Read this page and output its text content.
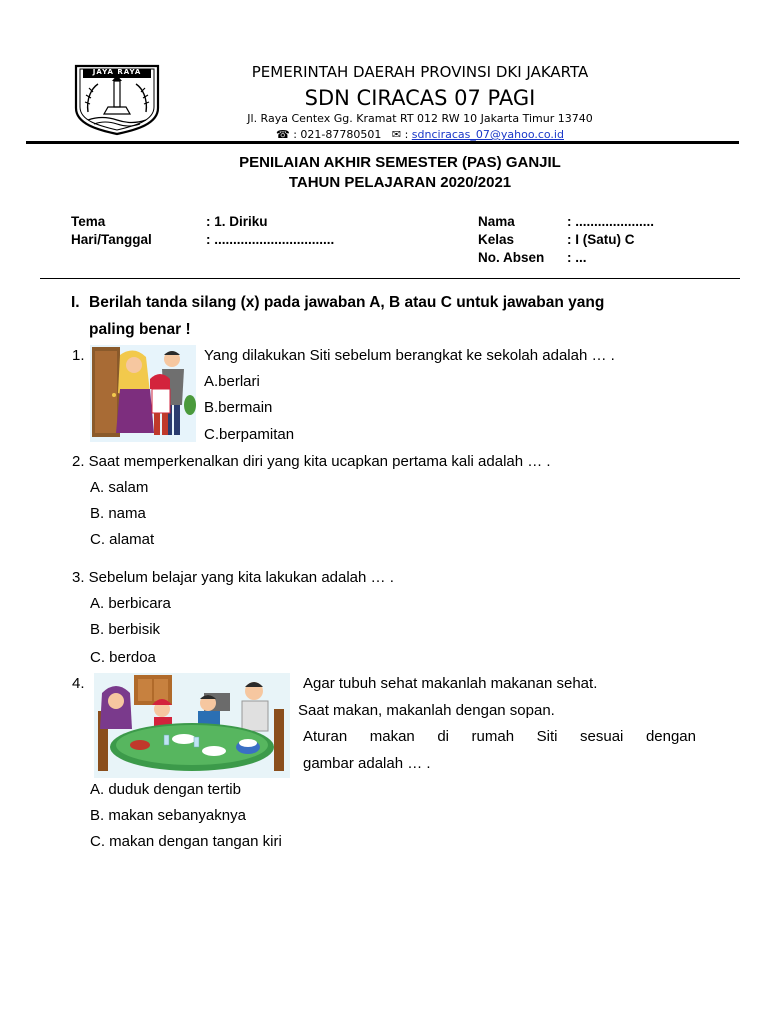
JAYA RAYA	PEMERINTAH DAERAH PROVINSI DKI JAKARTA
SDN CIRACAS 07 PAGI
Jl. Raya Centex Gg. Kramat RT 012 RW 10 Jakarta Timur 13740
☎ : 021-87780501 ✉ : sdnciracas_07@yahoo.co.id
PENILAIAN AKHIR SEMESTER (PAS) GANJIL
TAHUN PELAJARAN 2020/2021
Tema	: 1. Diriku
Hari/Tanggal	: ................................
Nama	: .....................
Kelas	: I (Satu) C
No. Absen : ...
I. Berilah tanda silang (x) pada jawaban A, B atau C untuk jawaban yang
paling benar !
1.	Yang dilakukan Siti sebelum berangkat ke sekolah adalah … .
A.berlari
B.bermain
C.berpamitan
2. Saat memperkenalkan diri yang kita ucapkan pertama kali adalah … .
A. salam
B. nama
C. alamat
3. Sebelum belajar yang kita lakukan adalah … .
A. berbicara
B. berbisik
C. berdoa
4.	Agar tubuh sehat makanlah makanan sehat.
Saat makan, makanlah dengan sopan.
Aturan makan di rumah Siti sesuai dengan
gambar adalah … .
A. duduk dengan tertib
B. makan sebanyaknya
C. makan dengan tangan kiri
